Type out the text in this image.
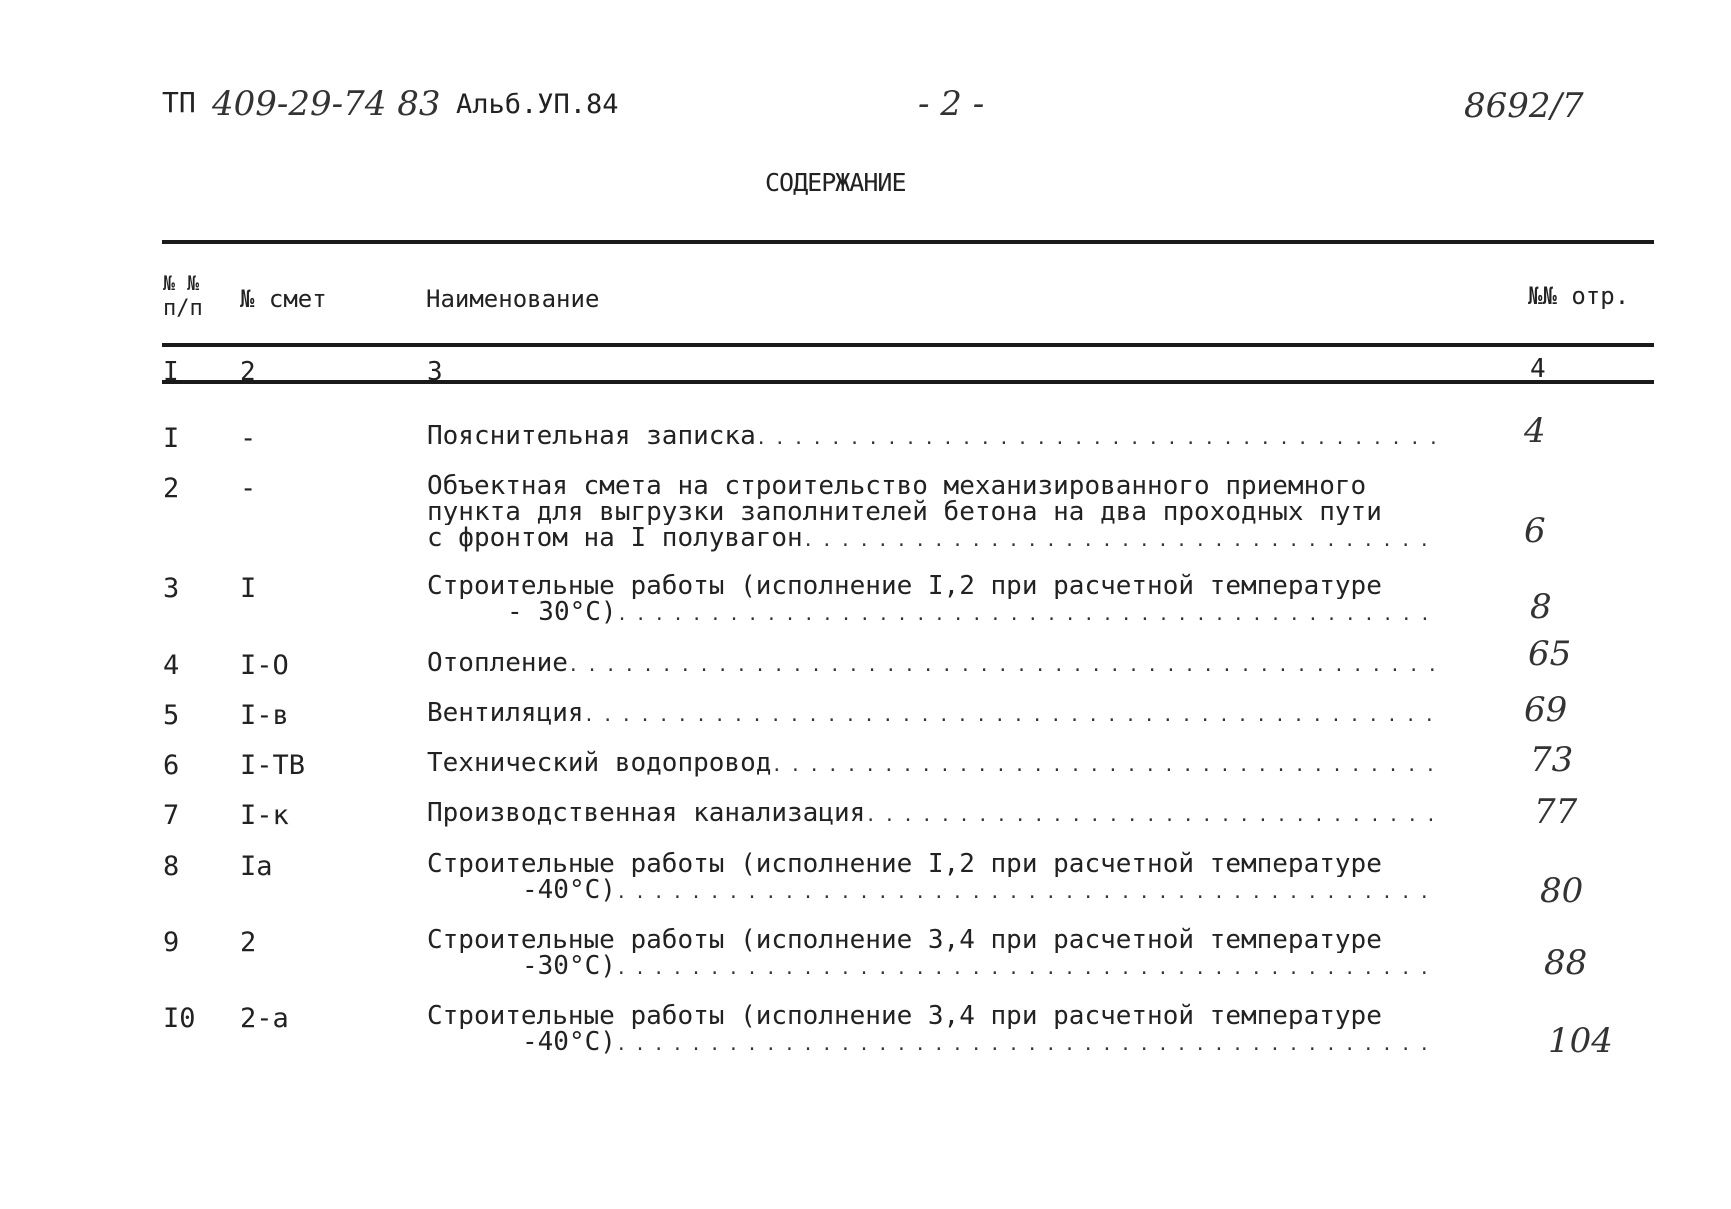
ТП 409-29-74 83 Альб.УП.84	- 2 -	8692/7
СОДЕРЖАНИЕ
№ №
п/п № смет	Наименование	№№ отр.
I 2	3	4
I -	Пояснительная записка . . .	4
2 -	Объектная смета на строительство механизированного приемного
пункта для выгрузки заполнителей бетона на два проходных пути
с фронтом на I полувагон . . .	6
3 I	Строительные работы (исполнение I,2 при расчетной температуре
- 30°С) . . .	8
4 I-О	Отопление . . .	65
5 I-в	Вентиляция . . .	69
6 I-ТВ	Технический водопровод . . .	73
7 I-к	Производственная канализация . . .	77
8 Iа	Строительные работы (исполнение I,2 при расчетной температуре
-40°С) . . .	80
9 2	Строительные работы (исполнение 3,4 при расчетной температуре
-30°С) . . .	88
I0 2-а	Строительные работы (исполнение 3,4 при расчетной температуре
-40°С) . . .	104
